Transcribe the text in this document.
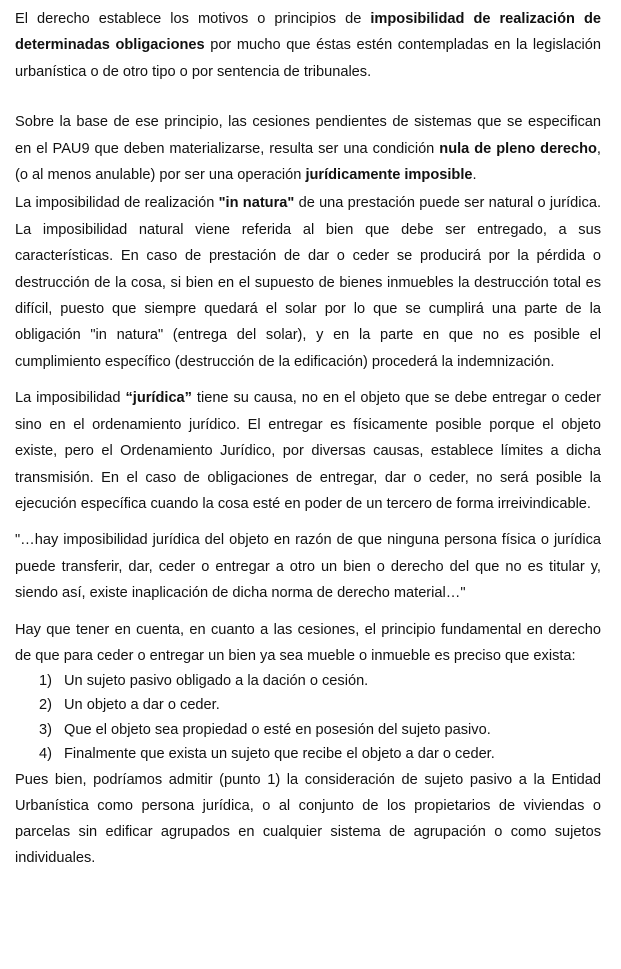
El derecho establece los motivos o principios de imposibilidad de realización de determinadas obligaciones por mucho que éstas estén contempladas en la legislación urbanística o de otro tipo o por sentencia de tribunales.

Sobre la base de ese principio, las cesiones pendientes de sistemas que se especifican en el PAU9 que deben materializarse, resulta ser una condición nula de pleno derecho, (o al menos anulable) por ser una operación jurídicamente imposible.

La imposibilidad de realización "in natura" de una prestación puede ser natural o jurídica. La imposibilidad natural viene referida al bien que debe ser entregado, a sus características. En caso de prestación de dar o ceder se producirá por la pérdida o destrucción de la cosa, si bien en el supuesto de bienes inmuebles la destrucción total es difícil, puesto que siempre quedará el solar por lo que se cumplirá una parte de la obligación "in natura" (entrega del solar), y en la parte en que no es posible el cumplimiento específico (destrucción de la edificación) procederá la indemnización.

La imposibilidad “jurídica” tiene su causa, no en el objeto que se debe entregar o ceder sino en el ordenamiento jurídico. El entregar es físicamente posible porque el objeto existe, pero el Ordenamiento Jurídico, por diversas causas, establece límites a dicha transmisión. En el caso de obligaciones de entregar, dar o ceder, no será posible la ejecución específica cuando la cosa esté en poder de un tercero de forma irreivindicable.

"…hay imposibilidad jurídica del objeto en razón de que ninguna persona física o jurídica puede transferir, dar, ceder o entregar a otro un bien o derecho del que no es titular y, siendo así, existe inaplicación de dicha norma de derecho material…"

Hay que tener en cuenta, en cuanto a las cesiones, el principio fundamental en derecho de que para ceder o entregar un bien ya sea mueble o inmueble es preciso que exista:

1) Un sujeto pasivo obligado a la dación o cesión.
2) Un objeto a dar o ceder.
3) Que el objeto sea propiedad o esté en posesión del sujeto pasivo.
4) Finalmente que exista un sujeto que recibe el objeto a dar o ceder.

Pues bien, podríamos admitir (punto 1) la consideración de sujeto pasivo a la Entidad Urbanística como persona jurídica, o al conjunto de los propietarios de viviendas o parcelas sin edificar agrupados en cualquier sistema de agrupación o como sujetos individuales.
